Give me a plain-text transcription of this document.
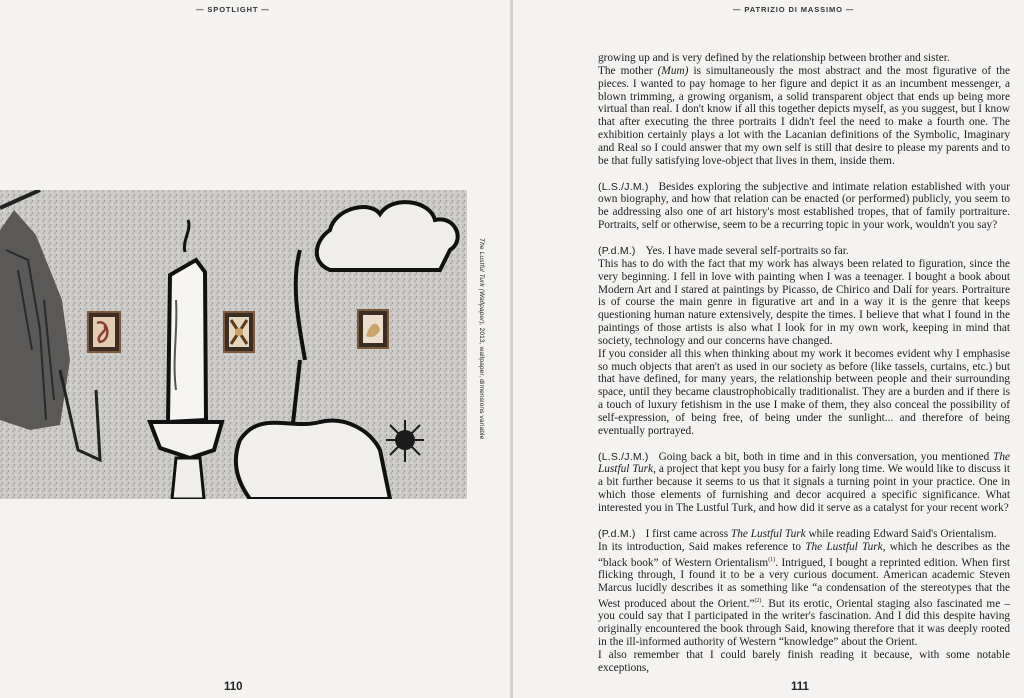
— SPOTLIGHT —
The Lustful Turk (Wallpaper), 2013, wallpaper, dimensions variable
110
— PATRIZIO DI MASSIMO —
111

growing up and is very defined by the relationship between brother and sister.
The mother (Mum) is simultaneously the most abstract and the most figurative of the pieces. I wanted to pay homage to her figure and depict it as an incumbent messenger, a blown trimming, a growing organism, a solid transparent object that ends up being more virtual than real. I don't know if all this together depicts myself, as you suggest, but I know that after executing the three portraits I didn't feel the need to make a fourth one. The exhibition certainly plays a lot with the Lacanian definitions of the Symbolic, Imaginary and Real so I could answer that my own self is still that desire to please my parents and to be that fully satisfying love-object that lives in them, inside them.

(L.S./J.M.) Besides exploring the subjective and intimate relation established with your own biography, and how that relation can be enacted (or performed) publicly, you seem to be addressing also one of art history's most established tropes, that of family portraiture. Portraits, self or otherwise, seem to be a recurring topic in your work, wouldn't you say?

(P.d.M.) Yes. I have made several self-portraits so far.
This has to do with the fact that my work has always been related to figuration, since the very beginning. I fell in love with painting when I was a teenager. I bought a book about Modern Art and I stared at paintings by Picasso, de Chirico and Dalí for years. Portraiture is of course the main genre in figurative art and in a way it is the genre that keeps questioning human nature extensively, despite the times. I believe that what I found in the paintings of those artists is also what I look for in my own work, keeping in mind that society, technology and our concerns have changed.
If you consider all this when thinking about my work it becomes evident why I emphasise so much objects that aren't as used in our society as before (like tassels, curtains, etc.) but that have defined, for many years, the relationship between people and their surrounding space, until they became claustrophobically traditionalist. They are a burden and if there is a touch of luxury fetishism in the use I make of them, they also conceal the possibility of self-expression, of being free, of being under the sunlight... and therefore of being eventually portrayed.

(L.S./J.M.) Going back a bit, both in time and in this conversation, you mentioned The Lustful Turk, a project that kept you busy for a fairly long time. We would like to discuss it a bit further because it seems to us that it signals a turning point in your practice. One in which those elements of furnishing and decor acquired a specific significance. What interested you in The Lustful Turk, and how did it serve as a catalyst for your recent work?

(P.d.M.) I first came across The Lustful Turk while reading Edward Said's Orientalism.
In its introduction, Said makes reference to The Lustful Turk, which he describes as the “black book” of Western Orientalism$^{(1)}$. Intrigued, I bought a reprinted edition. When first flicking through, I found it to be a very curious document. American academic Steven Marcus lucidly describes it as something like “a condensation of the stereotypes that the West produced about the Orient.”$^{(2)}$. But its erotic, Oriental staging also fascinated me – you could say that I participated in the writer's fascination. And I did this despite having originally encountered the book through Said, knowing therefore that it was deeply rooted in the ill-informed authority of Western “knowledge” about the Orient.
I also remember that I could barely finish reading it because, with some notable exceptions,
